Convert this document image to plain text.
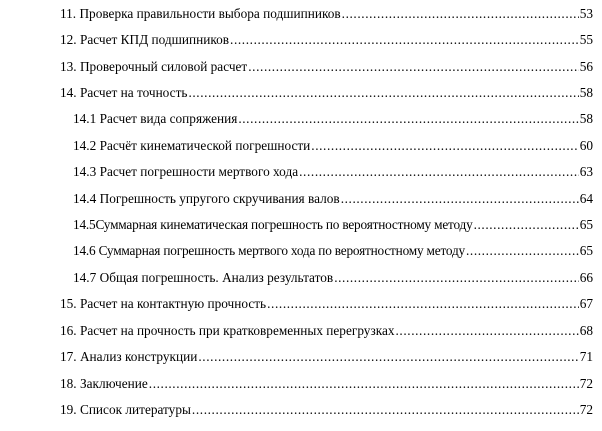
11. Проверка правильности выбора подшипников .....	53
12. Расчет КПД подшипников .....	55
13. Проверочный силовой расчет .....	56
14. Расчет на точность .....	58
14.1 Расчет вида сопряжения .....	58
14.2 Расчёт кинематической погрешности .....	60
14.3 Расчет погрешности мертвого хода .....	63
14.4 Погрешность упругого скручивания валов .....	64
14.5Суммарная кинематическая погрешность по вероятностному методу .....	65
14.6 Суммарная погрешность мертвого хода по вероятностному методу .....	65
14.7 Общая погрешность. Анализ результатов .....	66
15. Расчет на контактную прочность .....	67
16. Расчет на прочность при кратковременных перегрузках .....	68
17. Анализ конструкции .....	71
18. Заключение .....	72
19. Список литературы .....	72
